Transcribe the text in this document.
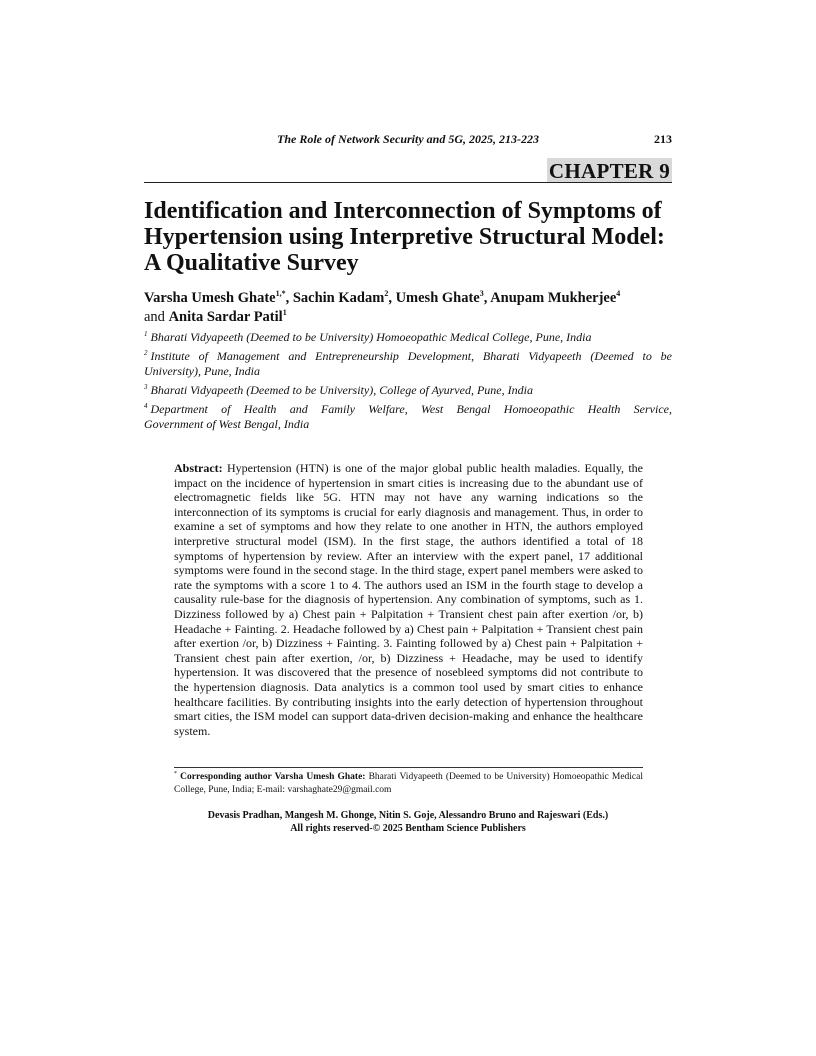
The Role of Network Security and 5G, 2025, 213-223	213
CHAPTER 9
Identification and Interconnection of Symptoms of Hypertension using Interpretive Structural Model: A Qualitative Survey
Varsha Umesh Ghate$^{1,*}$, Sachin Kadam$^2$, Umesh Ghate$^3$, Anupam Mukherjee$^4$
and Anita Sardar Patil$^1$

$^1$ Bharati Vidyapeeth (Deemed to be University) Homoeopathic Medical College, Pune, India

$^2$ Institute of Management and Entrepreneurship Development, Bharati Vidyapeeth (Deemed to be University), Pune, India

$^3$ Bharati Vidyapeeth (Deemed to be University), College of Ayurved, Pune, India

$^4$ Department of Health and Family Welfare, West Bengal Homoeopathic Health Service,
Government of West Bengal, India

Abstract: Hypertension (HTN) is one of the major global public health maladies. Equally, the impact on the incidence of hypertension in smart cities is increasing due to the abundant use of electromagnetic fields like 5G. HTN may not have any warning indications so the interconnection of its symptoms is crucial for early diagnosis and management. Thus, in order to examine a set of symptoms and how they relate to one another in HTN, the authors employed interpretive structural model (ISM). In the first stage, the authors identified a total of 18 symptoms of hypertension by review. After an interview with the expert panel, 17 additional symptoms were found in the second stage. In the third stage, expert panel members were asked to rate the symptoms with a score 1 to 4. The authors used an ISM in the fourth stage to develop a causality rule-base for the diagnosis of hypertension. Any combination of symptoms, such as 1. Dizziness followed by a) Chest pain + Palpitation + Transient chest pain after exertion /or, b) Headache + Fainting. 2. Headache followed by a) Chest pain + Palpitation + Transient chest pain after exertion /or, b) Dizziness + Fainting. 3. Fainting followed by a) Chest pain + Palpitation + Transient chest pain after exertion, /or, b) Dizziness + Headache, may be used to identify hypertension. It was discovered that the presence of nosebleed symptoms did not contribute to the hypertension diagnosis. Data analytics is a common tool used by smart cities to enhance healthcare facilities. By contributing insights into the early detection of hypertension throughout smart cities, the ISM model can support data-driven decision-making and enhance the healthcare system.

* Corresponding author Varsha Umesh Ghate: Bharati Vidyapeeth (Deemed to be University) Homoeopathic Medical College, Pune, India; E-mail: varshaghate29@gmail.com

Devasis Pradhan, Mangesh M. Ghonge, Nitin S. Goje, Alessandro Bruno and Rajeswari (Eds.)
All rights reserved-© 2025 Bentham Science Publishers
